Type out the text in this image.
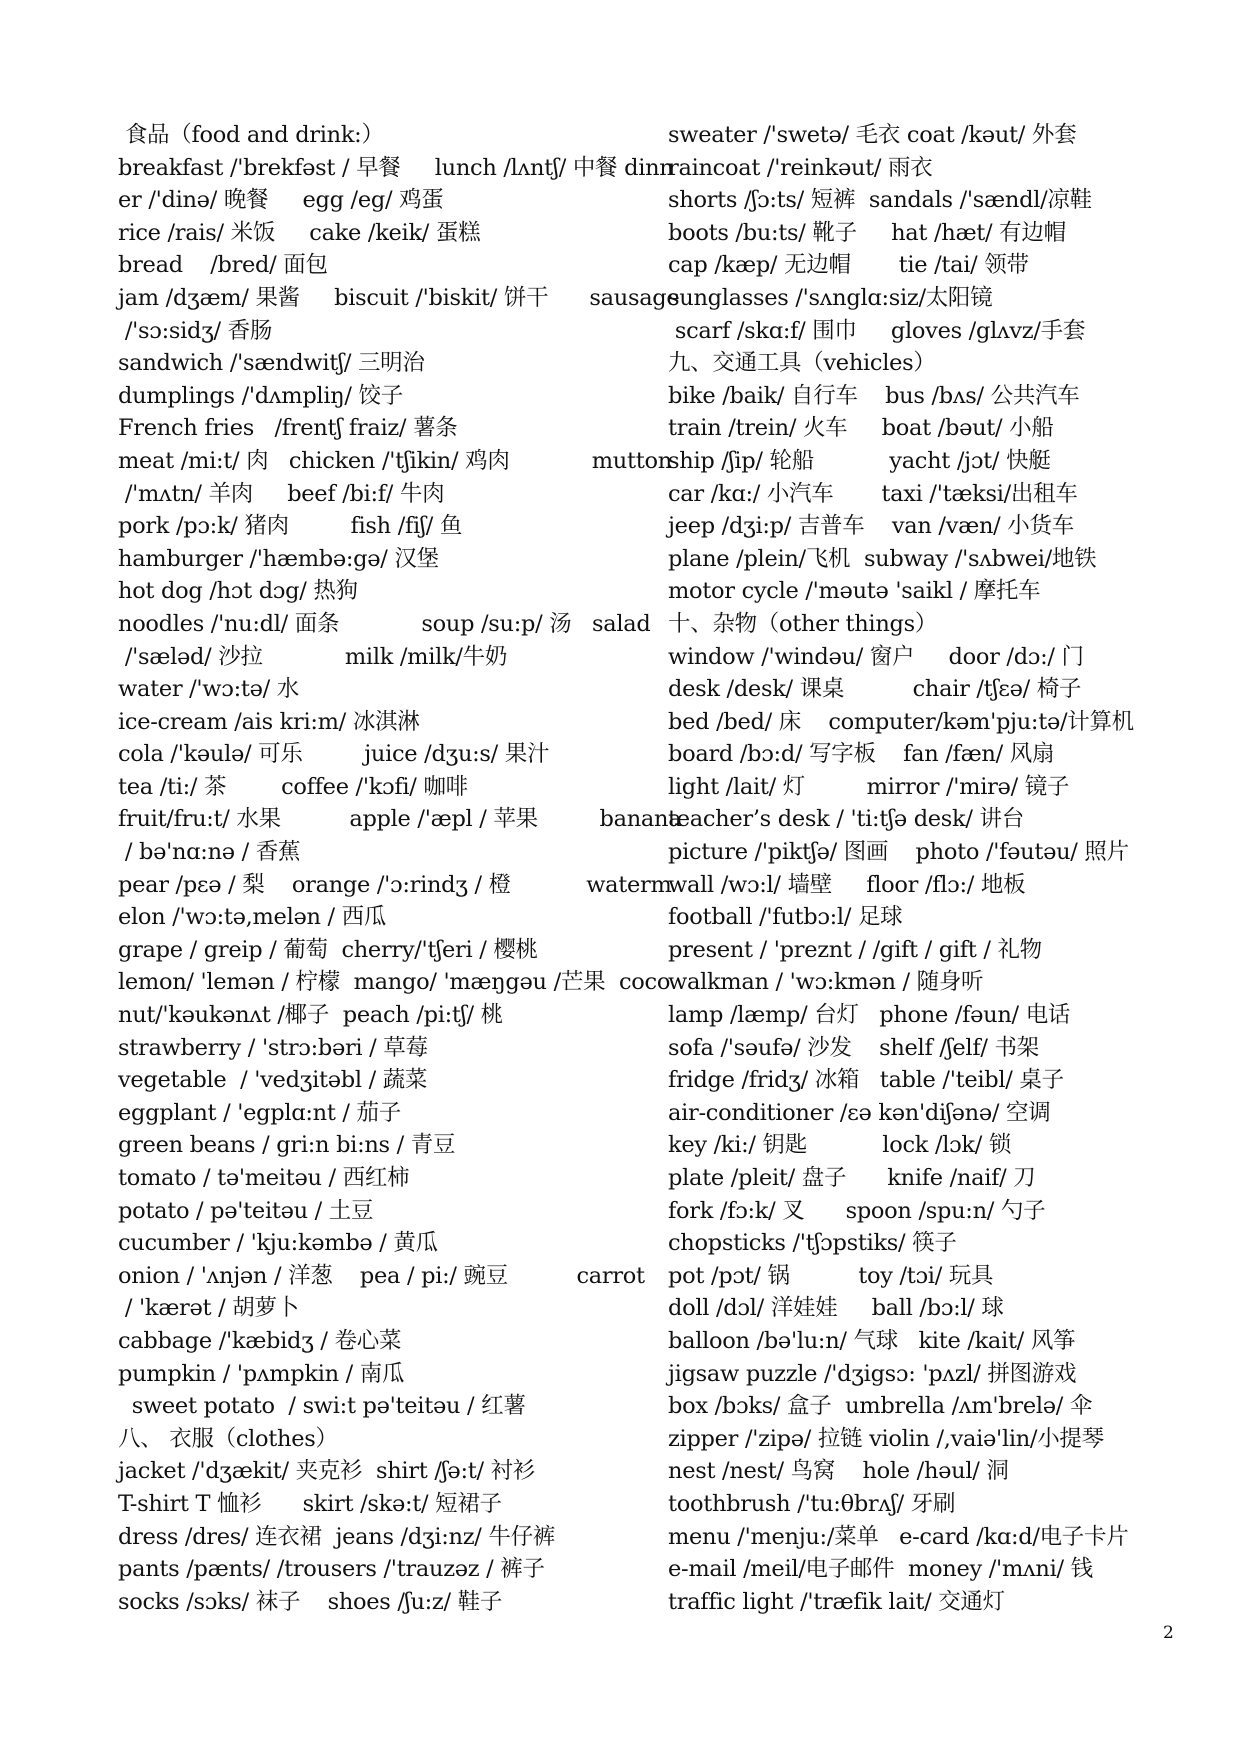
食品（food and drink:）
breakfast /'brekfəst / 早餐     lunch /lʌntʃ/ 中餐 dinn
er /'dinə/ 晚餐     egg /eg/ 鸡蛋
rice /rais/ 米饭     cake /keik/ 蛋糕
bread    /bred/ 面包
jam /dʒæm/ 果酱     biscuit /'biskit/ 饼干      sausage
/'sɔ:sidʒ/ 香肠
sandwich /'sændwitʃ/ 三明治
dumplings /'dʌmpliŋ/ 饺子
French fries   /frentʃ fraiz/ 薯条
meat /mi:t/ 肉   chicken /'tʃikin/ 鸡肉            mutton
/'mʌtn/ 羊肉     beef /bi:f/ 牛肉
pork /pɔ:k/ 猪肉         fish /fiʃ/ 鱼
hamburger /'hæmbə:gə/ 汉堡
hot dog /hɔt dɔg/ 热狗
noodles /'nu:dl/ 面条            soup /su:p/ 汤   salad
/'sæləd/ 沙拉            milk /milk/牛奶
water /'wɔ:tə/ 水
ice-cream /ais kri:m/ 冰淇淋
cola /'kəulə/ 可乐         juice /dʒu:s/ 果汁
tea /ti:/ 茶        coffee /'kɔfi/ 咖啡
fruit/fru:t/ 水果          apple /'æpl / 苹果         banana
/ bə'nɑ:nə / 香蕉
pear /pɛə / 梨    orange /'ɔ:rindʒ / 橙           waterm
elon /'wɔ:tə,melən / 西瓜
grape / greip / 葡萄  cherry/'tʃeri / 樱桃
lemon/ 'lemən / 柠檬  mango/ 'mæŋgəu /芒果  coco
nut/'kəukənʌt /椰子  peach /pi:tʃ/ 桃
strawberry / 'strɔ:bəri / 草莓
vegetable  / 'vedʒitəbl / 蔬菜
eggplant / 'egplɑ:nt / 茄子
green beans / gri:n bi:ns / 青豆
tomato / tə'meitəu / 西红柿
potato / pə'teitəu / 土豆
cucumber / 'kju:kəmbə / 黄瓜
onion / 'ʌnjən / 洋葱    pea / pi:/ 豌豆          carrot
/ 'kærət / 胡萝卜
cabbage /'kæbidʒ / 卷心菜
pumpkin / 'pʌmpkin / 南瓜
sweet potato  / swi:t pə'teitəu / 红薯
八、 衣服（clothes）
jacket /'dʒækit/ 夹克衫  shirt /ʃə:t/ 衬衫
T-shirt T 恤衫      skirt /skə:t/ 短裙子
dress /dres/ 连衣裙  jeans /dʒi:nz/ 牛仔裤
pants /pænts/ /trousers /'trauzəz / 裤子
socks /sɔks/ 袜子    shoes /ʃu:z/ 鞋子
sweater /'swetə/ 毛衣 coat /kəut/ 外套
raincoat /'reinkəut/ 雨衣
shorts /ʃɔ:ts/ 短裤  sandals /'sændl/凉鞋
boots /bu:ts/ 靴子     hat /hæt/ 有边帽
cap /kæp/ 无边帽       tie /tai/ 领带
sunglasses /'sʌnglɑ:siz/太阳镜
scarf /skɑ:f/ 围巾     gloves /glʌvz/手套
九、交通工具（vehicles）
bike /baik/ 自行车    bus /bʌs/ 公共汽车
train /trein/ 火车     boat /bəut/ 小船
ship /ʃip/ 轮船           yacht /jɔt/ 快艇
car /kɑ:/ 小汽车       taxi /'tæksi/出租车
jeep /dʒi:p/ 吉普车    van /væn/ 小货车
plane /plein/飞机  subway /'sʌbwei/地铁
motor cycle /'məutə 'saikl / 摩托车
十、杂物（other things）
window /'windəu/ 窗户     door /dɔ:/ 门
desk /desk/ 课桌          chair /tʃɛə/ 椅子
bed /bed/ 床    computer/kəm'pju:tə/计算机
board /bɔ:d/ 写字板    fan /fæn/ 风扇
light /lait/ 灯         mirror /'mirə/ 镜子
teacher’s desk / 'ti:tʃə desk/ 讲台
picture /'piktʃə/ 图画    photo /'fəutəu/ 照片
wall /wɔ:l/ 墙壁     floor /flɔ:/ 地板
football /'futbɔ:l/ 足球
present / 'preznt / /gift / gift / 礼物
walkman / 'wɔ:kmən / 随身听
lamp /læmp/ 台灯   phone /fəun/ 电话
sofa /'səufə/ 沙发    shelf /ʃelf/ 书架
fridge /fridʒ/ 冰箱   table /'teibl/ 桌子
air-conditioner /ɛə kən'diʃənə/ 空调
key /ki:/ 钥匙           lock /lɔk/ 锁
plate /pleit/ 盘子      knife /naif/ 刀
fork /fɔ:k/ 叉      spoon /spu:n/ 勺子
chopsticks /'tʃɔpstiks/ 筷子
pot /pɔt/ 锅          toy /tɔi/ 玩具
doll /dɔl/ 洋娃娃     ball /bɔ:l/ 球
balloon /bə'lu:n/ 气球   kite /kait/ 风筝
jigsaw puzzle /'dʒigsɔ: 'pʌzl/ 拼图游戏
box /bɔks/ 盒子  umbrella /ʌm'brelə/ 伞
zipper /'zipə/ 拉链 violin /,vaiə'lin/小提琴
nest /nest/ 鸟窝    hole /həul/ 洞
toothbrush /'tu:θbrʌʃ/ 牙刷
menu /'menju:/菜单   e-card /kɑ:d/电子卡片
e-mail /meil/电子邮件  money /'mʌni/ 钱
traffic light /'træfik lait/ 交通灯
2
